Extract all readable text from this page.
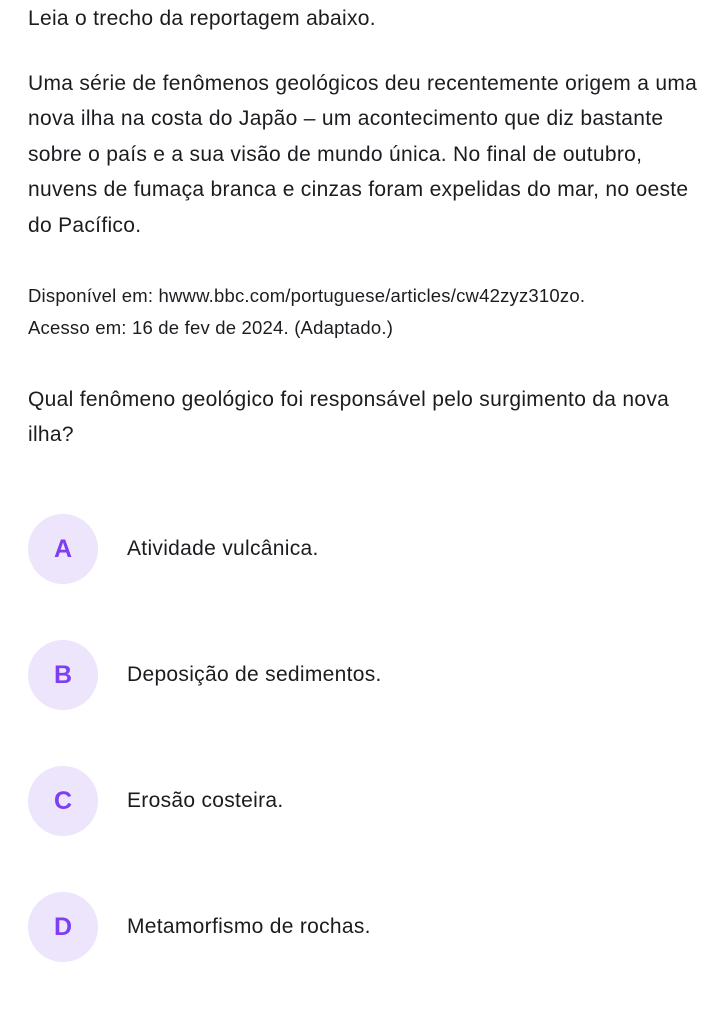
Leia o trecho da reportagem abaixo.

Uma série de fenômenos geológicos deu recentemente origem a uma nova ilha na costa do Japão – um acontecimento que diz bastante sobre o país e a sua visão de mundo única. No final de outubro, nuvens de fumaça branca e cinzas foram expelidas do mar, no oeste do Pacífico.

Disponível em: hwww.bbc.com/portuguese/articles/cw42zyz310zo.
Acesso em: 16 de fev de 2024. (Adaptado.)

Qual fenômeno geológico foi responsável pelo surgimento da nova ilha?

A	Atividade vulcânica.
B	Deposição de sedimentos.
C	Erosão costeira.
D	Metamorfismo de rochas.
